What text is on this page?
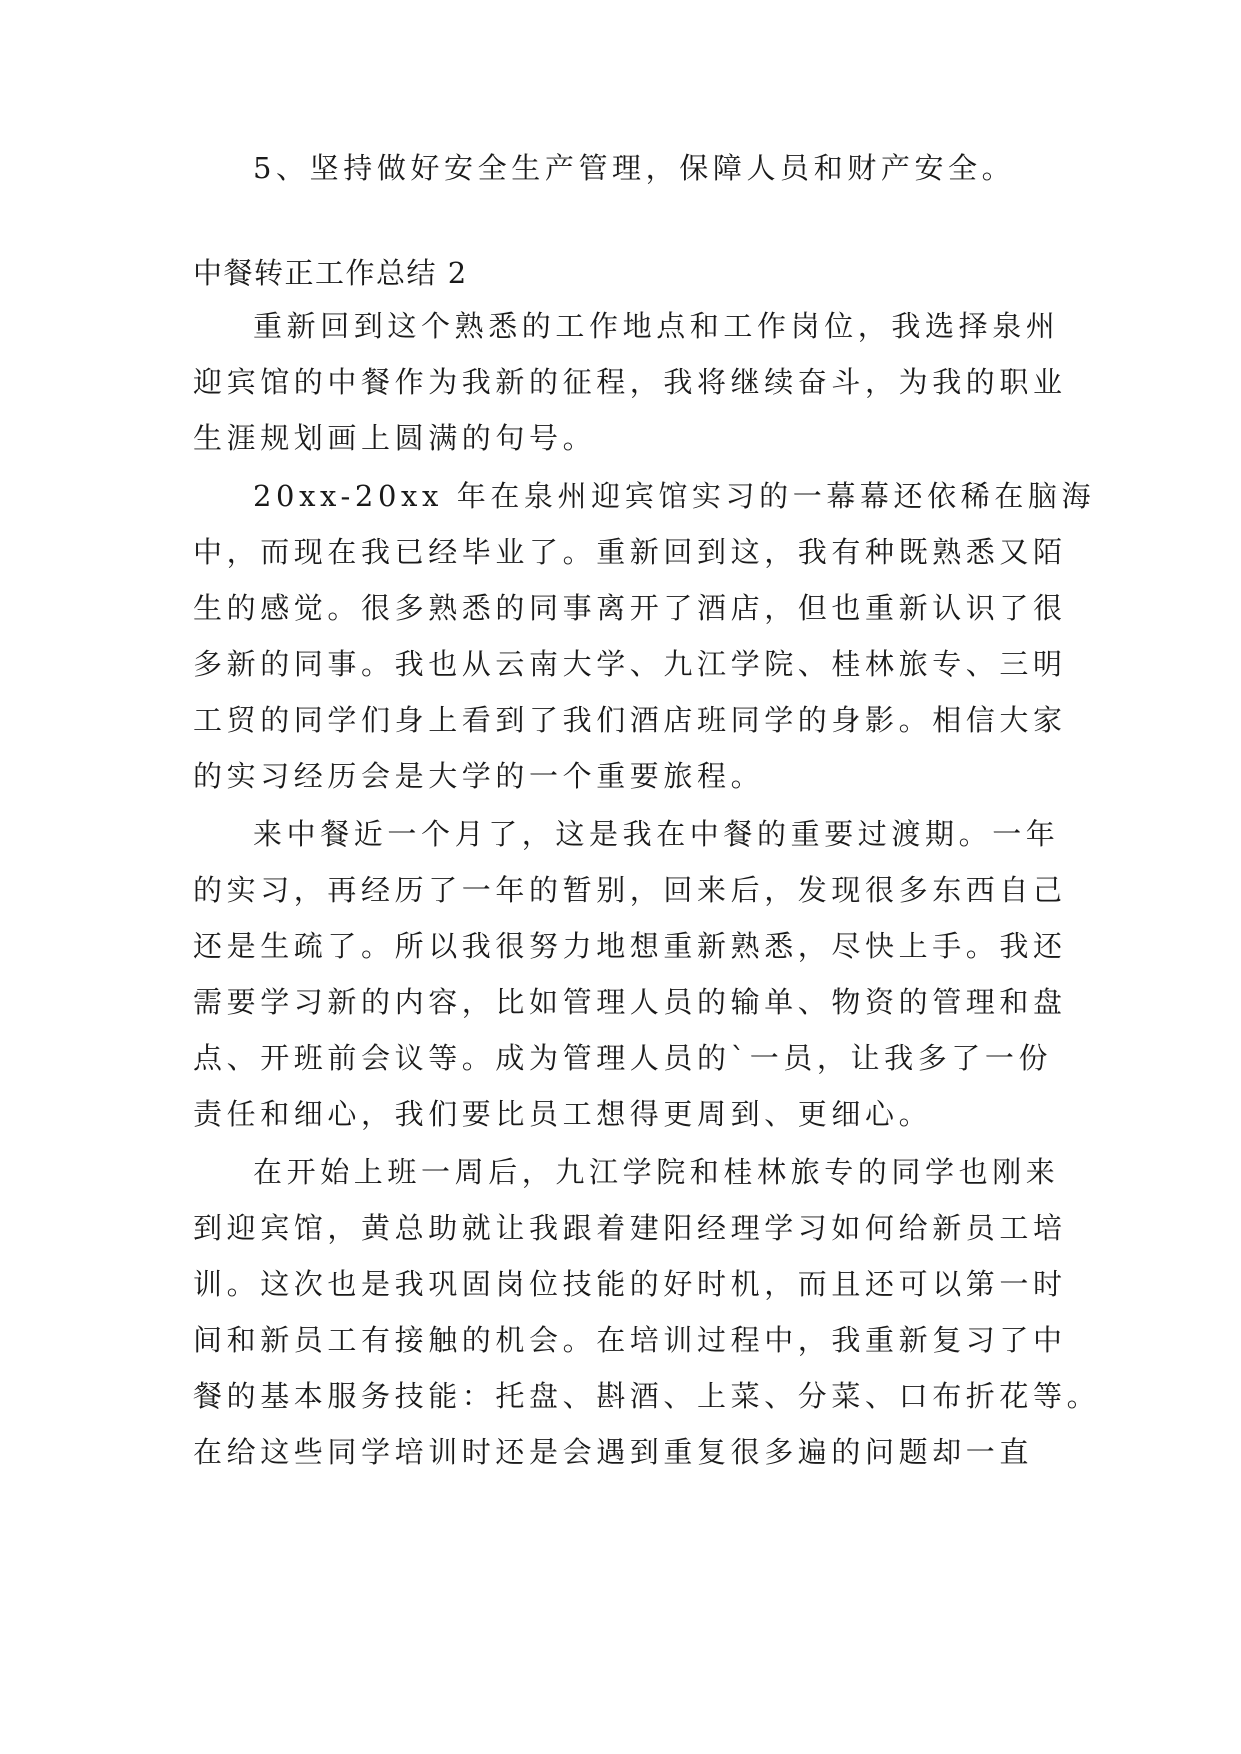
5、坚持做好安全生产管理，保障人员和财产安全。
中餐转正工作总结 2
重新回到这个熟悉的工作地点和工作岗位，我选择泉州
迎宾馆的中餐作为我新的征程，我将继续奋斗，为我的职业
生涯规划画上圆满的句号。
20xx-20xx 年在泉州迎宾馆实习的一幕幕还依稀在脑海
中，而现在我已经毕业了。重新回到这，我有种既熟悉又陌
生的感觉。很多熟悉的同事离开了酒店，但也重新认识了很
多新的同事。我也从云南大学、九江学院、桂林旅专、三明
工贸的同学们身上看到了我们酒店班同学的身影。相信大家
的实习经历会是大学的一个重要旅程。
来中餐近一个月了，这是我在中餐的重要过渡期。一年
的实习，再经历了一年的暂别，回来后，发现很多东西自己
还是生疏了。所以我很努力地想重新熟悉，尽快上手。我还
需要学习新的内容，比如管理人员的输单、物资的管理和盘
点、开班前会议等。成为管理人员的`一员，让我多了一份
责任和细心，我们要比员工想得更周到、更细心。
在开始上班一周后，九江学院和桂林旅专的同学也刚来
到迎宾馆，黄总助就让我跟着建阳经理学习如何给新员工培
训。这次也是我巩固岗位技能的好时机，而且还可以第一时
间和新员工有接触的机会。在培训过程中，我重新复习了中
餐的基本服务技能：托盘、斟酒、上菜、分菜、口布折花等。
在给这些同学培训时还是会遇到重复很多遍的问题却一直
